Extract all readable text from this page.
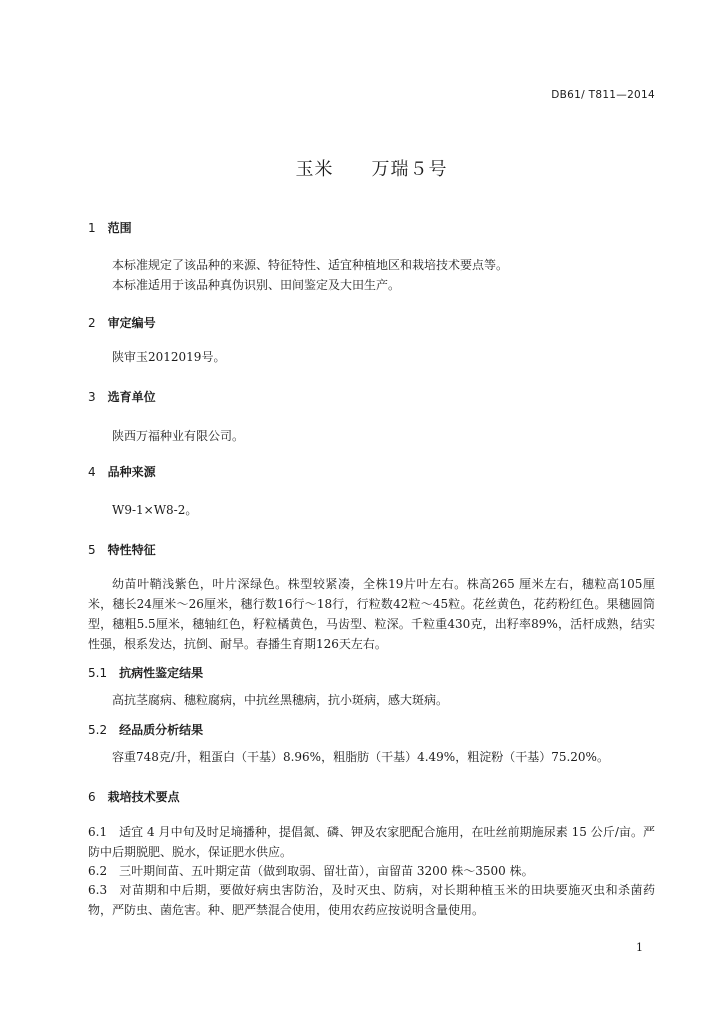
DB61/ T811—2014
玉米　　万瑞５号
1 范围
本标准规定了该品种的来源、特征特性、适宜种植地区和栽培技术要点等。
本标准适用于该品种真伪识别、田间鉴定及大田生产。
2 审定编号
陕审玉2012019号。
3 选育单位
陕西万福种业有限公司。
4 品种来源
W9-1×W8-2。
5 特性特征
幼苗叶鞘浅紫色，叶片深绿色。株型较紧凑，全株19片叶左右。株高265 厘米左右，穗粒高105厘米，穗长24厘米～26厘米，穗行数16行～18行，行粒数42粒～45粒。花丝黄色，花药粉红色。果穗圆筒型，穗粗5.5厘米，穗轴红色，籽粒橘黄色，马齿型、粒深。千粒重430克，出籽率89%，活杆成熟，结实性强，根系发达，抗倒、耐旱。春播生育期126天左右。
5.1 抗病性鉴定结果
高抗茎腐病、穗粒腐病，中抗丝黑穗病，抗小斑病，感大斑病。
5.2 经品质分析结果
容重748克/升，粗蛋白（干基）8.96%，粗脂肪（干基）4.49%，粗淀粉（干基）75.20%。
6 栽培技术要点
6.1 适宜 4 月中旬及时足墒播种，提倡氮、磷、钾及农家肥配合施用，在吐丝前期施尿素 15 公斤/亩。严防中后期脱肥、脱水，保证肥水供应。
6.2 三叶期间苗、五叶期定苗（做到取弱、留壮苗），亩留苗 3200 株～3500 株。
6.3 对苗期和中后期，要做好病虫害防治，及时灭虫、防病，对长期种植玉米的田块要施灭虫和杀菌药物，严防虫、菌危害。种、肥严禁混合使用，使用农药应按说明含量使用。
1
